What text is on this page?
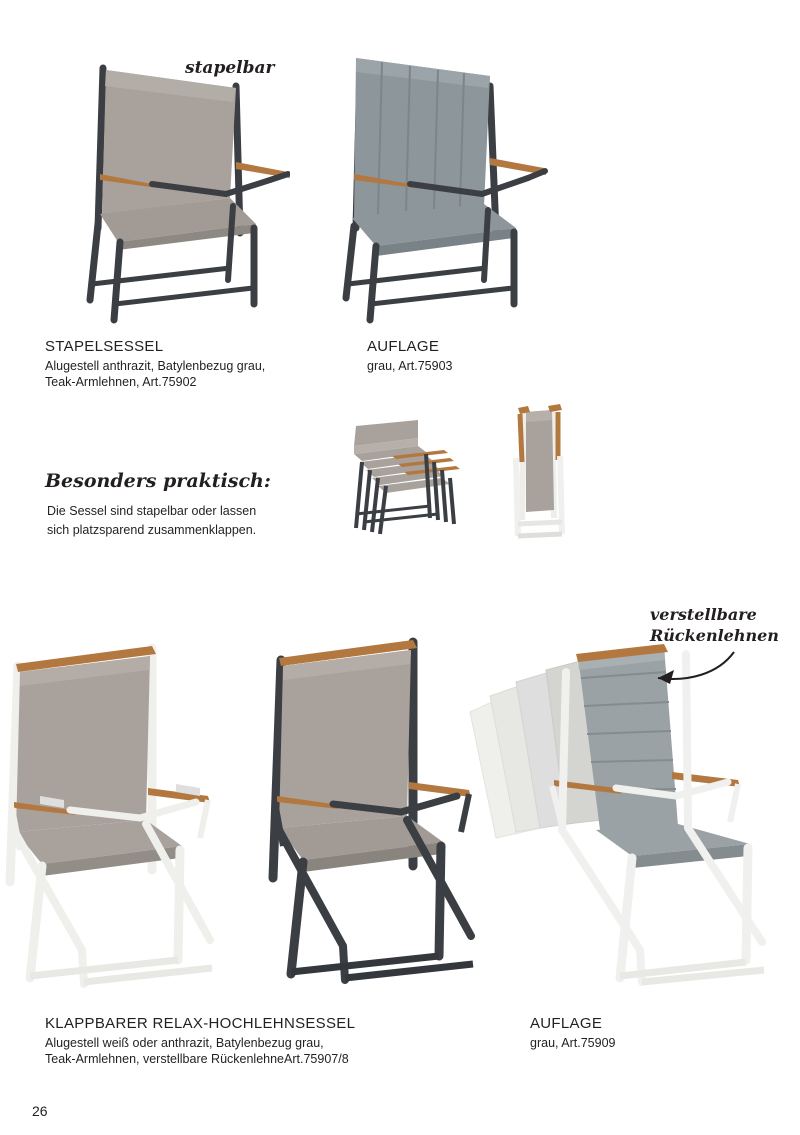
stapelbar

STAPELSESSEL

Alugestell anthrazit, Batylenbezug grau,

Teak-Armlehnen, Art.75902

AUFLAGE

grau, Art.75903

Besonders praktisch:
Die Sessel sind stapelbar oder lassen
sich platzsparend zusammenklappen.
verstellbare
Rückenlehnen

KLAPPBARER RELAX-HOCHLEHNSESSEL

Alugestell weiß oder anthrazit, Batylenbezug grau,

Teak-Armlehnen, verstellbare RückenlehneArt.75907/8

AUFLAGE

grau, Art.75909

26
